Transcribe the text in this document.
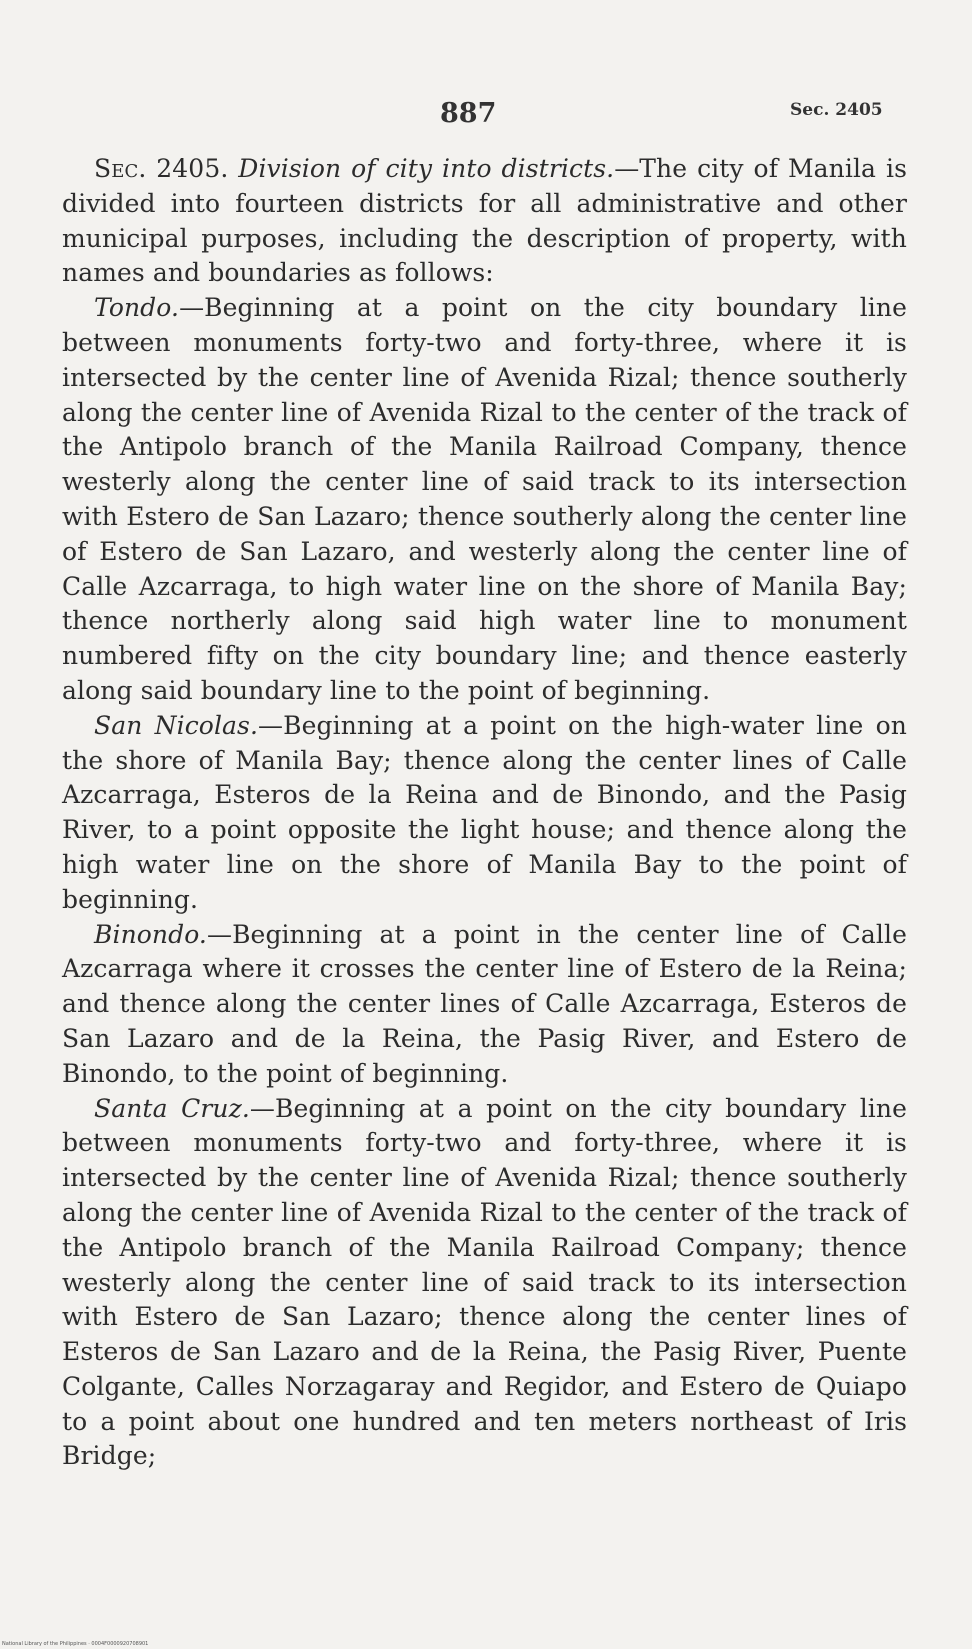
887	Sec. 2405

Sec. 2405. Division of city into districts.—The city of Manila is divided into fourteen districts for all administrative and other municipal purposes, including the description of property, with names and boundaries as follows:

Tondo.—Beginning at a point on the city boundary line between monuments forty-two and forty-three, where it is intersected by the center line of Avenida Rizal; thence southerly along the center line of Avenida Rizal to the center of the track of the Antipolo branch of the Manila Railroad Company, thence westerly along the center line of said track to its intersection with Estero de San Lazaro; thence southerly along the center line of Estero de San Lazaro, and westerly along the center line of Calle Azcarraga, to high water line on the shore of Manila Bay; thence northerly along said high water line to monument numbered fifty on the city boundary line; and thence easterly along said boundary line to the point of beginning.

San Nicolas.—Beginning at a point on the high-water line on the shore of Manila Bay; thence along the center lines of Calle Azcarraga, Esteros de la Reina and de Binondo, and the Pasig River, to a point opposite the light house; and thence along the high water line on the shore of Manila Bay to the point of beginning.

Binondo.—Beginning at a point in the center line of Calle Azcarraga where it crosses the center line of Estero de la Reina; and thence along the center lines of Calle Azcarraga, Esteros de San Lazaro and de la Reina, the Pasig River, and Estero de Binondo, to the point of beginning.

Santa Cruz.—Beginning at a point on the city boundary line between monuments forty-two and forty-three, where it is intersected by the center line of Avenida Rizal; thence southerly along the center line of Avenida Rizal to the center of the track of the Antipolo branch of the Manila Railroad Company; thence westerly along the center line of said track to its intersection with Estero de San Lazaro; thence along the center lines of Esteros de San Lazaro and de la Reina, the Pasig River, Puente Colgante, Calles Norzagaray and Regidor, and Estero de Quiapo to a point about one hundred and ten meters northeast of Iris Bridge;

National Library of the Philippines · 0004F0000920708901
